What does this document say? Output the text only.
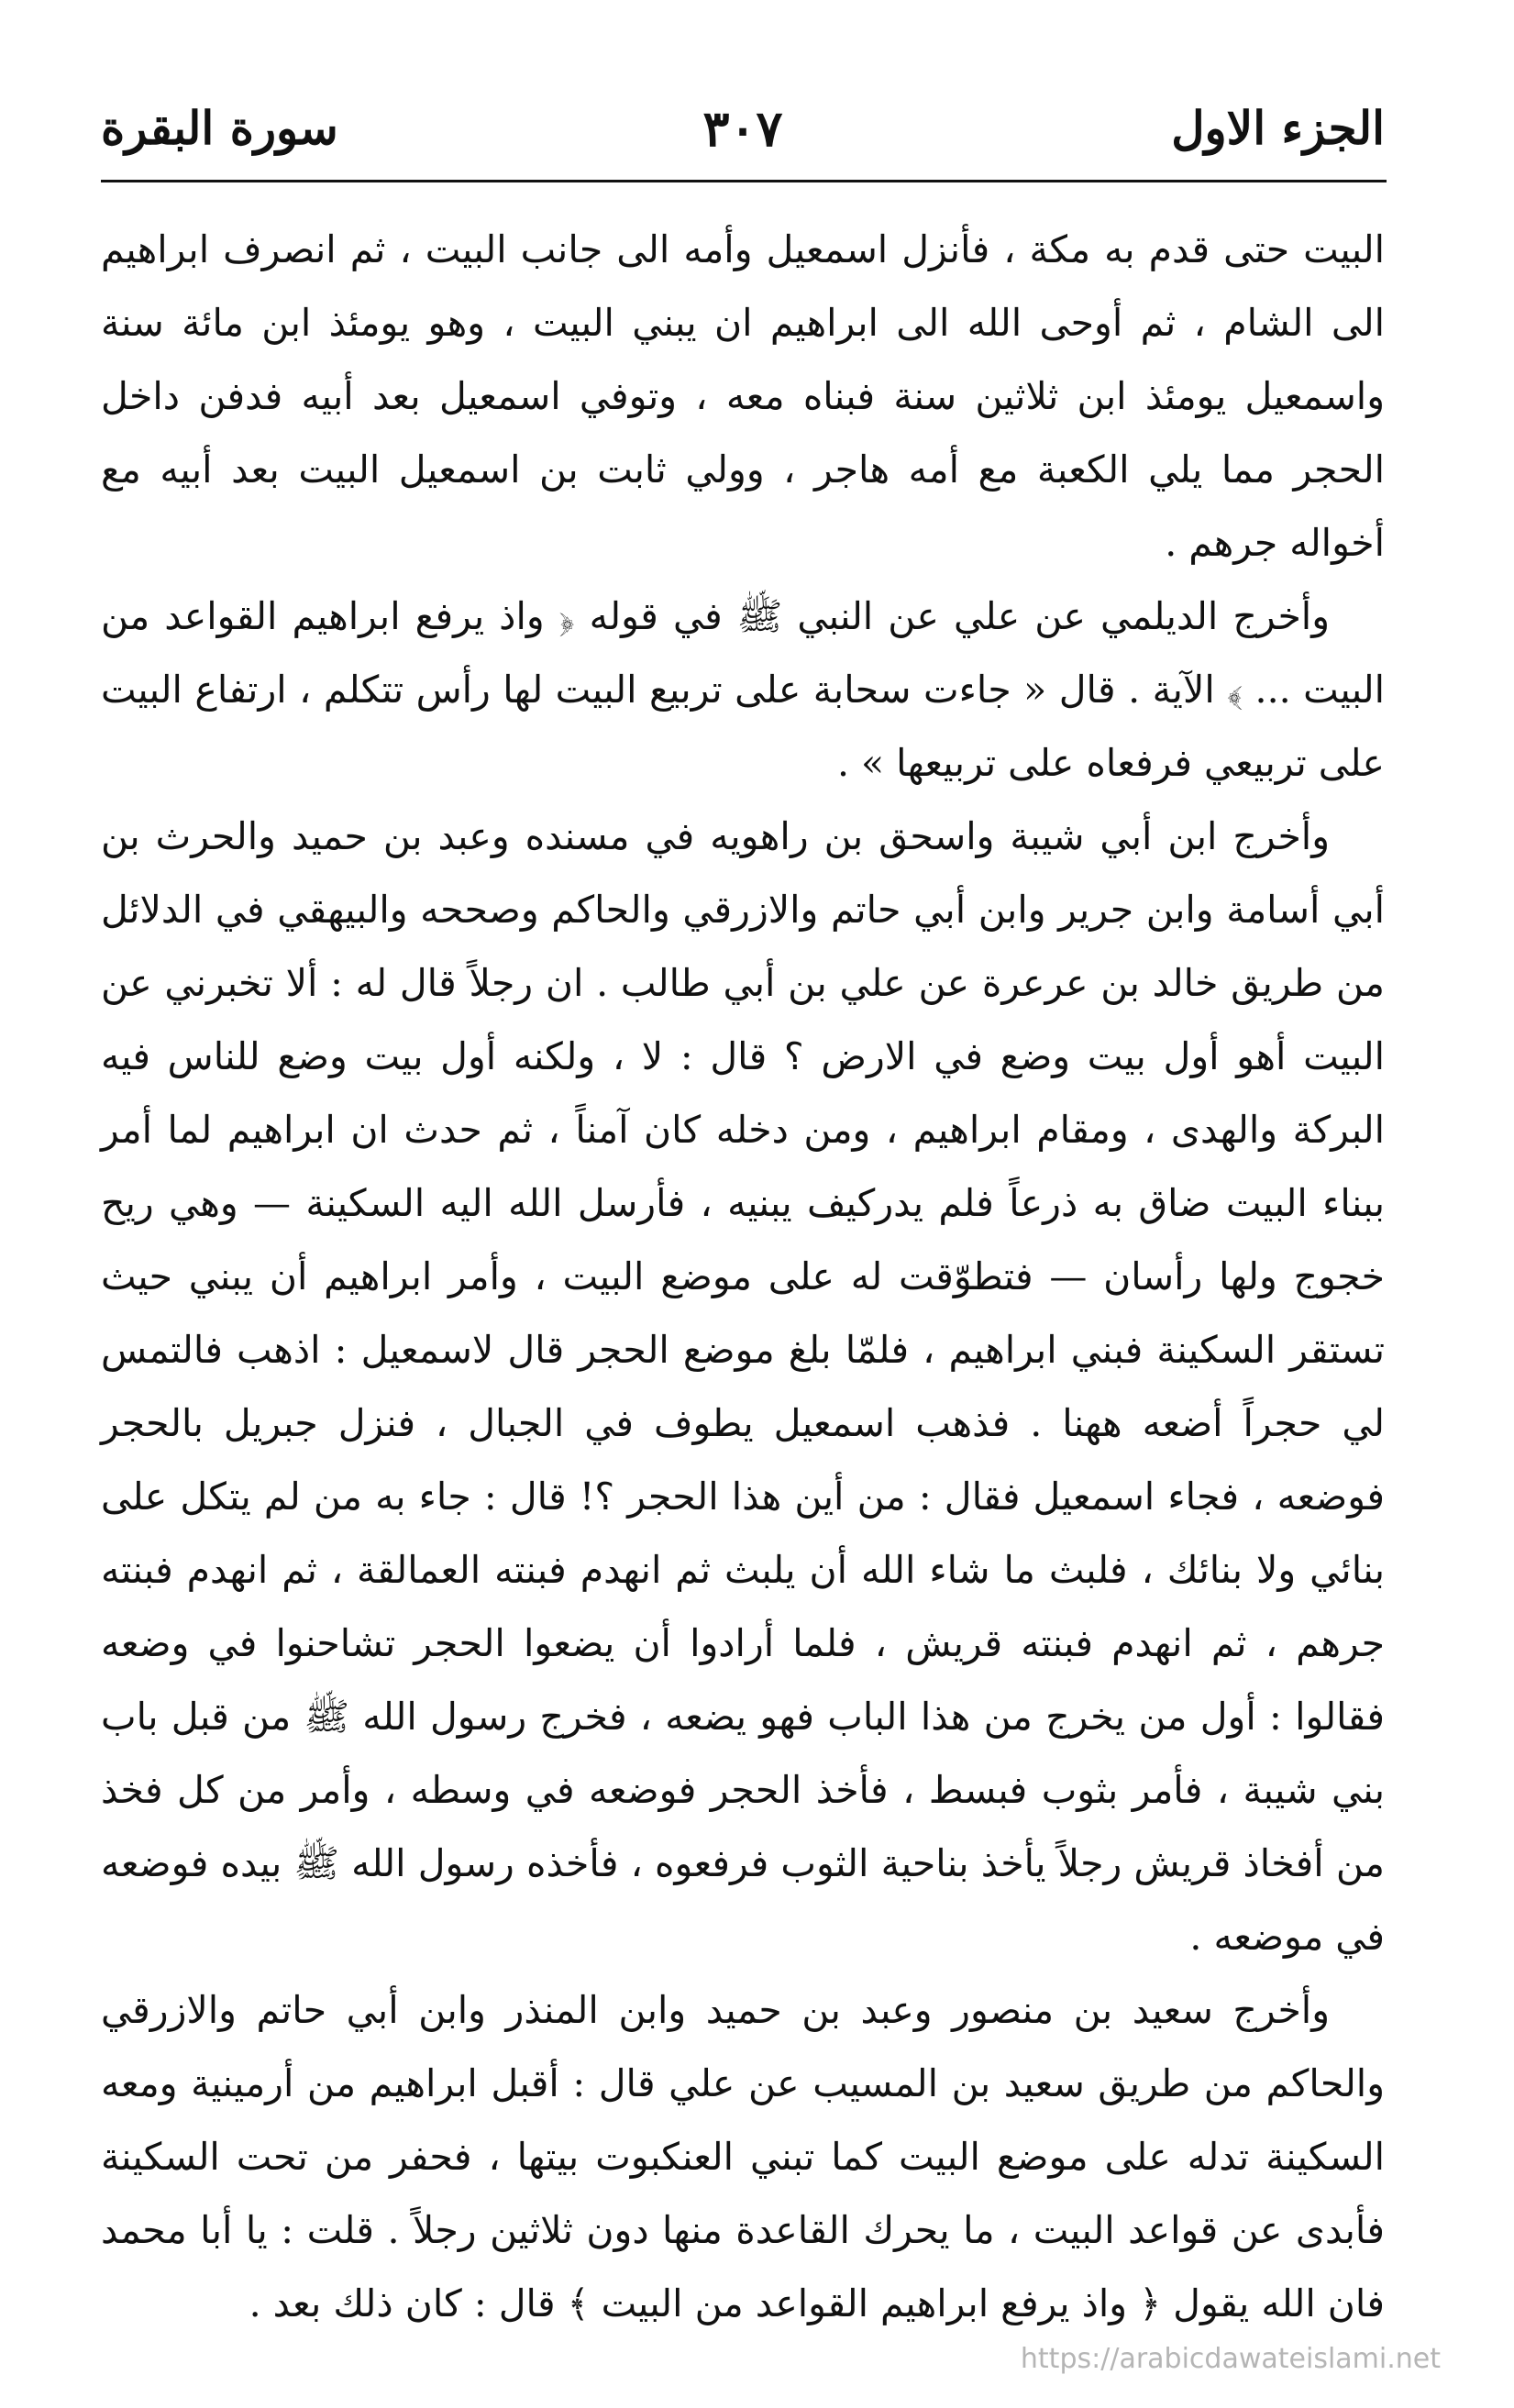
الجزء الاول
٣٠٧
سورة البقرة

البيت حتى قدم به مكة ، فأنزل اسمعيل وأمه الى جانب البيت ، ثم انصرف ابراهيم الى الشام ، ثم أوحى الله الى ابراهيم ان يبني البيت ، وهو يومئذ ابن مائة سنة واسمعيل يومئذ ابن ثلاثين سنة فبناه معه ، وتوفي اسمعيل بعد أبيه فدفن داخل الحجر مما يلي الكعبة مع أمه هاجر ، وولي ثابت بن اسمعيل البيت بعد أبيه مع أخواله جرهم .

وأخرج الديلمي عن علي عن النبي ﷺ في قوله ﴿ واذ يرفع ابراهيم القواعد من البيت ... ﴾ الآية . قال « جاءت سحابة على تربيع البيت لها رأس تتكلم ، ارتفاع البيت على تربيعي فرفعاه على تربيعها » .

وأخرج ابن أبي شيبة واسحق بن راهويه في مسنده وعبد بن حميد والحرث بن أبي أسامة وابن جرير وابن أبي حاتم والازرقي والحاكم وصححه والبيهقي في الدلائل من طريق خالد بن عرعرة عن علي بن أبي طالب . ان رجلاً قال له : ألا تخبرني عن البيت أهو أول بيت وضع في الارض ؟ قال : لا ، ولكنه أول بيت وضع للناس فيه البركة والهدى ، ومقام ابراهيم ، ومن دخله كان آمناً ، ثم حدث ان ابراهيم لما أمر ببناء البيت ضاق به ذرعاً فلم يدركيف يبنيه ، فأرسل الله اليه السكينة — وهي ريح خجوج ولها رأسان — فتطوّقت له على موضع البيت ، وأمر ابراهيم أن يبني حيث تستقر السكينة فبني ابراهيم ، فلمّا بلغ موضع الحجر قال لاسمعيل : اذهب فالتمس لي حجراً أضعه ههنا . فذهب اسمعيل يطوف في الجبال ، فنزل جبريل بالحجر فوضعه ، فجاء اسمعيل فقال : من أين هذا الحجر ؟! قال : جاء به من لم يتكل على بنائي ولا بنائك ، فلبث ما شاء الله أن يلبث ثم انهدم فبنته العمالقة ، ثم انهدم فبنته جرهم ، ثم انهدم فبنته قريش ، فلما أرادوا أن يضعوا الحجر تشاحنوا في وضعه فقالوا : أول من يخرج من هذا الباب فهو يضعه ، فخرج رسول الله ﷺ من قبل باب بني شيبة ، فأمر بثوب فبسط ، فأخذ الحجر فوضعه في وسطه ، وأمر من كل فخذ من أفخاذ قريش رجلاً يأخذ بناحية الثوب فرفعوه ، فأخذه رسول الله ﷺ بيده فوضعه في موضعه .

وأخرج سعيد بن منصور وعبد بن حميد وابن المنذر وابن أبي حاتم والازرقي والحاكم من طريق سعيد بن المسيب عن علي قال : أقبل ابراهيم من أرمينية ومعه السكينة تدله على موضع البيت كما تبني العنكبوت بيتها ، فحفر من تحت السكينة فأبدى عن قواعد البيت ، ما يحرك القاعدة منها دون ثلاثين رجلاً . قلت : يا أبا محمد فان الله يقول ﴿ واذ يرفع ابراهيم القواعد من البيت ﴾ قال : كان ذلك بعد .

https://arabicdawateislami.net
